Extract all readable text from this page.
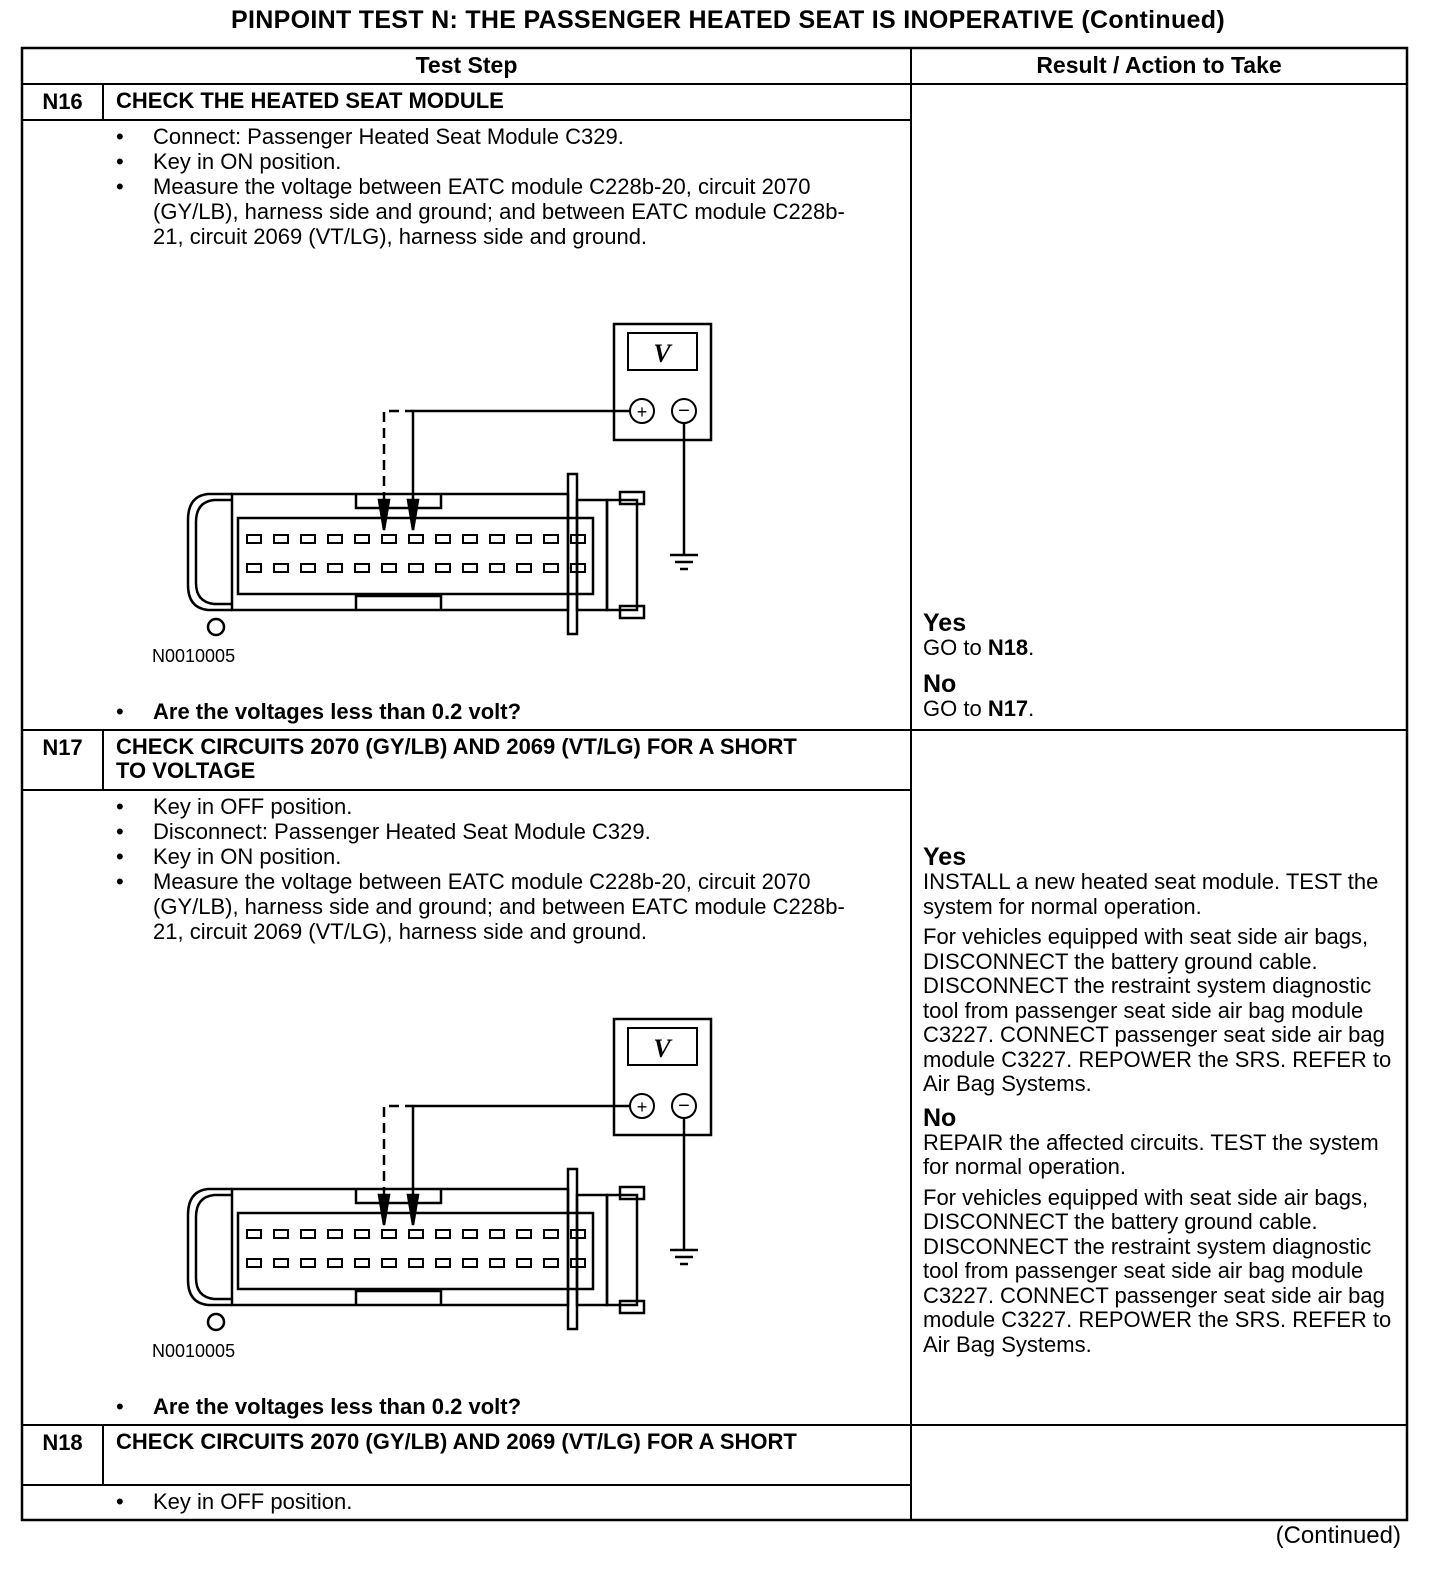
PINPOINT TEST N: THE PASSENGER HEATED SEAT IS INOPERATIVE (Continued)
Test Step	Result / Action to Take
N16	CHECK THE HEATED SEAT MODULE
• Connect: Passenger Heated Seat Module C329.
• Key in ON position.
• Measure the voltage between EATC module C228b-20, circuit 2070 (GY/LB), harness side and ground; and between EATC module C228b-21, circuit 2069 (VT/LG), harness side and ground.
V
+ −
N0010005
• Are the voltages less than 0.2 volt?
Yes
GO to N18.
No
GO to N17.
N17	CHECK CIRCUITS 2070 (GY/LB) AND 2069 (VT/LG) FOR A SHORT TO VOLTAGE
• Key in OFF position.
• Disconnect: Passenger Heated Seat Module C329.
• Key in ON position.
• Measure the voltage between EATC module C228b-20, circuit 2070 (GY/LB), harness side and ground; and between EATC module C228b-21, circuit 2069 (VT/LG), harness side and ground.
V
+ −
N0010005
• Are the voltages less than 0.2 volt?
Yes
INSTALL a new heated seat module. TEST the system for normal operation.
For vehicles equipped with seat side air bags, DISCONNECT the battery ground cable. DISCONNECT the restraint system diagnostic tool from passenger seat side air bag module C3227. CONNECT passenger seat side air bag module C3227. REPOWER the SRS. REFER to Air Bag Systems.
No
REPAIR the affected circuits. TEST the system for normal operation.
For vehicles equipped with seat side air bags, DISCONNECT the battery ground cable. DISCONNECT the restraint system diagnostic tool from passenger seat side air bag module C3227. CONNECT passenger seat side air bag module C3227. REPOWER the SRS. REFER to Air Bag Systems.
N18	CHECK CIRCUITS 2070 (GY/LB) AND 2069 (VT/LG) FOR A SHORT
• Key in OFF position.
(Continued)
